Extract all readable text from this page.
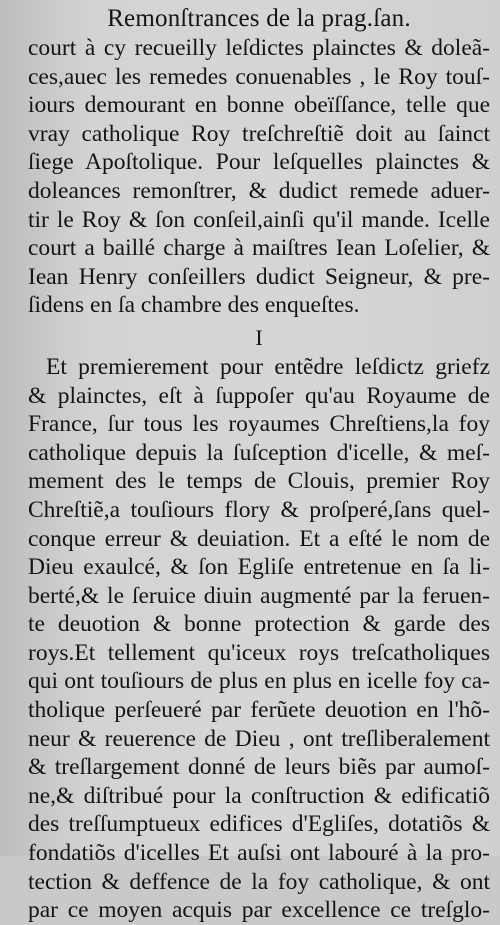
Remonſtrances de la prag.ſan.
court à cy recueilly leſdictes plainctes & doleã-
ces,auec les remedes conuenables , le Roy touſ-
iours demourant en bonne obeïſſance, telle que
vray catholique Roy treſchreſtiẽ doit au ſainct
ſiege Apoſtolique. Pour leſquelles plainctes &
doleances remonſtrer, & dudict remede aduer-
tir le Roy & ſon conſeil,ainſi qu'il mande. Icelle
court a baillé charge à maiſtres Iean Loſelier, &
Iean Henry conſeillers dudict Seigneur, & pre-
ſidens en ſa chambre des enqueſtes.
I
Et premierement pour entẽdre leſdictz griefz
& plainctes, eſt à ſuppoſer qu'au Royaume de
France, ſur tous les royaumes Chreſtiens,la foy
catholique depuis la ſuſception d'icelle, & meſ-
mement des le temps de Clouis, premier Roy
Chreſtiẽ,a touſiours flory & proſperé,ſans quel-
conque erreur & deuiation. Et a eſté le nom de
Dieu exaulcé, & ſon Egliſe entretenue en ſa li-
berté,& le ſeruice diuin augmenté par la feruen-
te deuotion & bonne protection & garde des
roys.Et tellement qu'iceux roys treſcatholiques
qui ont touſiours de plus en plus en icelle foy ca-
tholique perſeueré par ferũete deuotion en l'hõ-
neur & reuerence de Dieu , ont treſliberalement
& treſlargement donné de leurs biẽs par aumoſ-
ne,& diſtribué pour la conſtruction & edificatiõ
des treſſumptueux edifices d'Egliſes, dotatiõs &
fondatiõs d'icelles Et auſsi ont labouré à la pro-
tection & deffence de la foy catholique, & ont
par ce moyen acquis par excellence ce treſglo-
